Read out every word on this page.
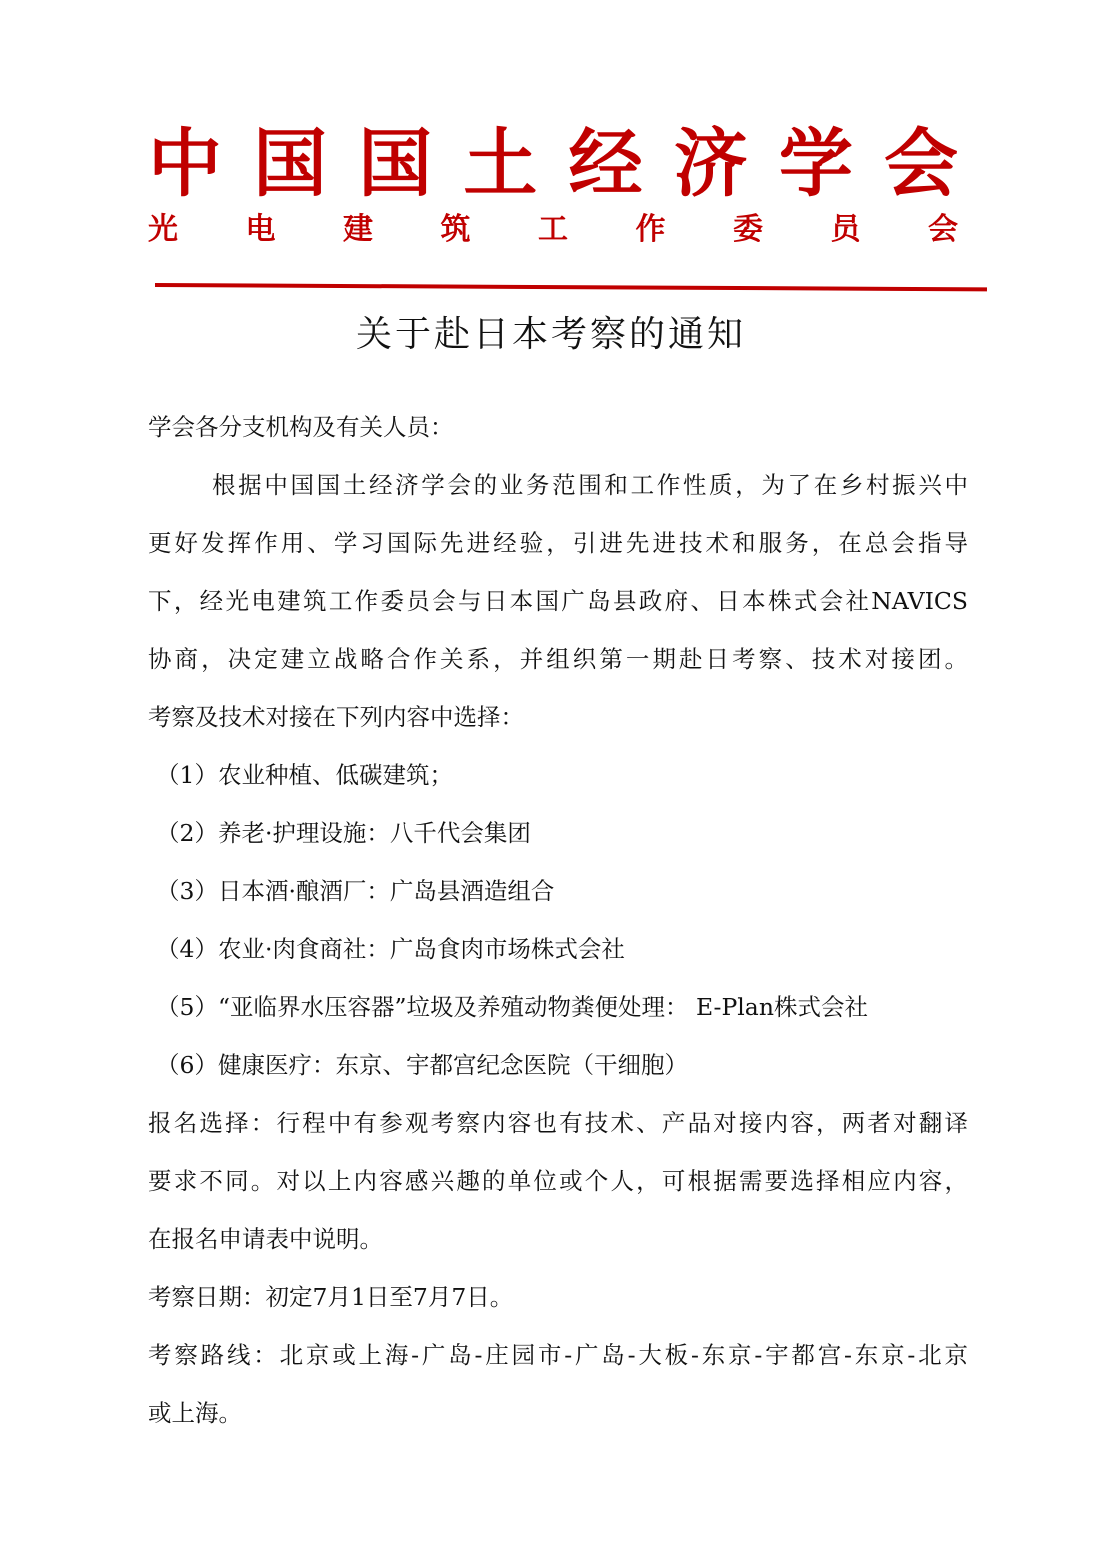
中 国 国 土 经 济 学 会
光 电 建 筑 工 作 委 员 会
关于赴日本考察的通知

学会各分支机构及有关人员：

根据中国国土经济学会的业务范围和工作性质，为了在乡村振兴中

更好发挥作用、学习国际先进经验，引进先进技术和服务，在总会指导

下，经光电建筑工作委员会与日本国广岛县政府、日本株式会社NAVICS

协商，决定建立战略合作关系，并组织第一期赴日考察、技术对接团。

考察及技术对接在下列内容中选择：

（1）农业种植、低碳建筑；

（2）养老·护理设施：八千代会集团

（3）日本酒·酿酒厂：广岛县酒造组合

（4）农业·肉食商社：广岛食肉市场株式会社

（5）“亚临界水压容器”垃圾及养殖动物粪便处理： E-Plan株式会社

（6）健康医疗：东京、宇都宫纪念医院（干细胞）

报名选择：行程中有参观考察内容也有技术、产品对接内容，两者对翻译

要求不同。对以上内容感兴趣的单位或个人，可根据需要选择相应内容，

在报名申请表中说明。

考察日期：初定7月1日至7月7日。

考察路线：北京或上海-广岛-庄园市-广岛-大板-东京-宇都宫-东京-北京

或上海。
